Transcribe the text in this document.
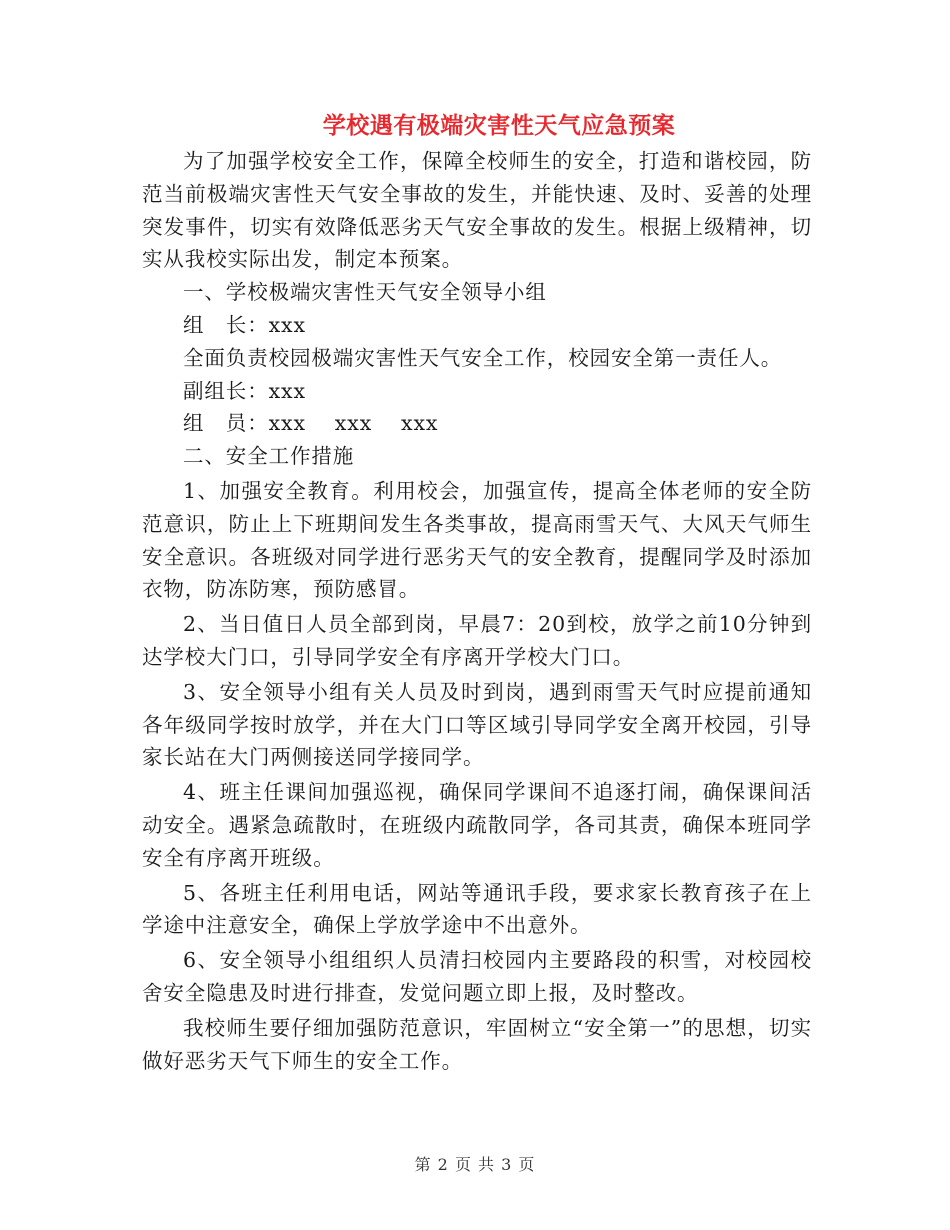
学校遇有极端灾害性天气应急预案

为了加强学校安全工作，保障全校师生的安全，打造和谐校园，防范当前极端灾害性天气安全事故的发生，并能快速、及时、妥善的处理突发事件，切实有效降低恶劣天气安全事故的发生。根据上级精神，切实从我校实际出发，制定本预案。

一、学校极端灾害性天气安全领导小组

组　长：xxx

全面负责校园极端灾害性天气安全工作，校园安全第一责任人。

副组长：xxx

组　员：xxx　 xxx　 xxx

二、安全工作措施

1、加强安全教育。利用校会，加强宣传，提高全体老师的安全防范意识，防止上下班期间发生各类事故，提高雨雪天气、大风天气师生安全意识。各班级对同学进行恶劣天气的安全教育，提醒同学及时添加衣物，防冻防寒，预防感冒。

2、当日值日人员全部到岗，早晨7：20到校，放学之前10分钟到达学校大门口，引导同学安全有序离开学校大门口。

3、安全领导小组有关人员及时到岗，遇到雨雪天气时应提前通知各年级同学按时放学，并在大门口等区域引导同学安全离开校园，引导家长站在大门两侧接送同学接同学。

4、班主任课间加强巡视，确保同学课间不追逐打闹，确保课间活动安全。遇紧急疏散时，在班级内疏散同学，各司其责，确保本班同学安全有序离开班级。

5、各班主任利用电话，网站等通讯手段，要求家长教育孩子在上学途中注意安全，确保上学放学途中不出意外。

6、安全领导小组组织人员清扫校园内主要路段的积雪，对校园校舍安全隐患及时进行排查，发觉问题立即上报，及时整改。

我校师生要仔细加强防范意识，牢固树立“安全第一”的思想，切实做好恶劣天气下师生的安全工作。

第 2 页 共 3 页
